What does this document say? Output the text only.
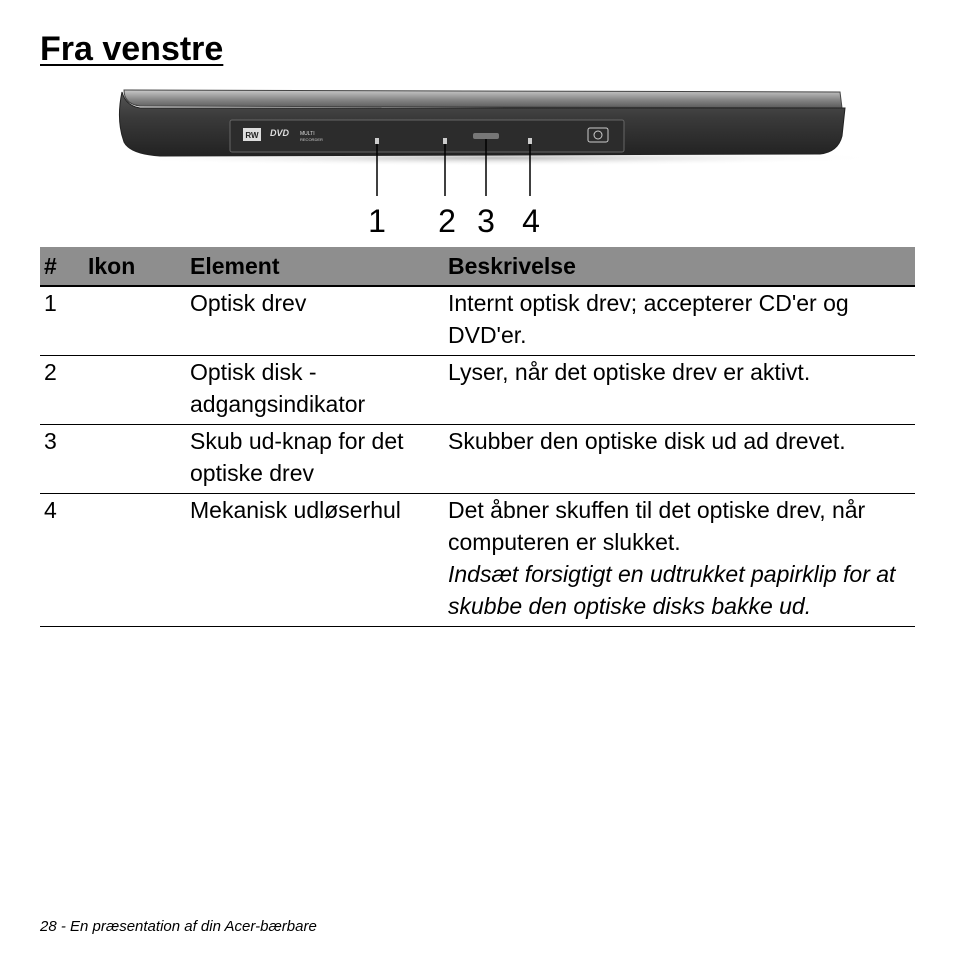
Fra venstre
RW DVD MULTI
RECORDER
1 2 3 4
#	Ikon	Element	Beskrivelse
1		Optisk drev	Internt optisk drev; accepterer CD'er og DVD'er.
2		Optisk disk - adgangsindikator	Lyser, når det optiske drev er aktivt.
3		Skub ud-knap for det optiske drev	Skubber den optiske disk ud ad drevet.
4		Mekanisk udløserhul	Det åbner skuffen til det optiske drev, når computeren er slukket.
Indsæt forsigtigt en udtrukket papirklip for at skubbe den optiske disks bakke ud.
28 - En præsentation af din Acer-bærbare
